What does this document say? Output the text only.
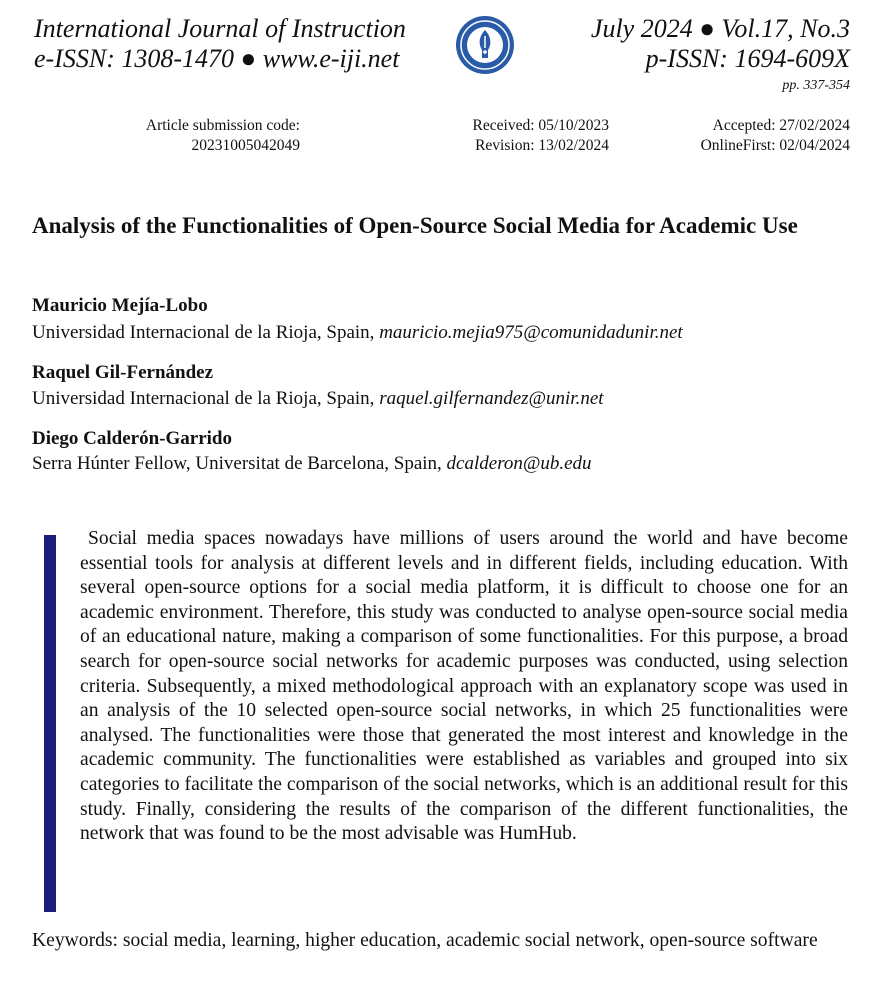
International Journal of Instruction
e-ISSN: 1308-1470 ● www.e-iji.net
July 2024 ● Vol.17, No.3
p-ISSN: 1694-609X
pp. 337-354
Article submission code:
20231005042049
Received: 05/10/2023
Revision: 13/02/2024
Accepted: 27/02/2024
OnlineFirst: 02/04/2024
Analysis of the Functionalities of Open-Source Social Media for Academic Use
Mauricio Mejía-Lobo
Universidad Internacional de la Rioja, Spain, mauricio.mejia975@comunidadunir.net
Raquel Gil-Fernández
Universidad Internacional de la Rioja, Spain, raquel.gilfernandez@unir.net
Diego Calderón-Garrido
Serra Húnter Fellow, Universitat de Barcelona, Spain, dcalderon@ub.edu
Social media spaces nowadays have millions of users around the world and have become essential tools for analysis at different levels and in different fields, including education. With several open-source options for a social media platform, it is difficult to choose one for an academic environment. Therefore, this study was conducted to analyse open-source social media of an educational nature, making a comparison of some functionalities. For this purpose, a broad search for open-source social networks for academic purposes was conducted, using selection criteria. Subsequently, a mixed methodological approach with an explanatory scope was used in an analysis of the 10 selected open-source social networks, in which 25 functionalities were analysed. The functionalities were those that generated the most interest and knowledge in the academic community. The functionalities were established as variables and grouped into six categories to facilitate the comparison of the social networks, which is an additional result for this study. Finally, considering the results of the comparison of the different functionalities, the network that was found to be the most advisable was HumHub.
Keywords: social media, learning, higher education, academic social network, open-source software
